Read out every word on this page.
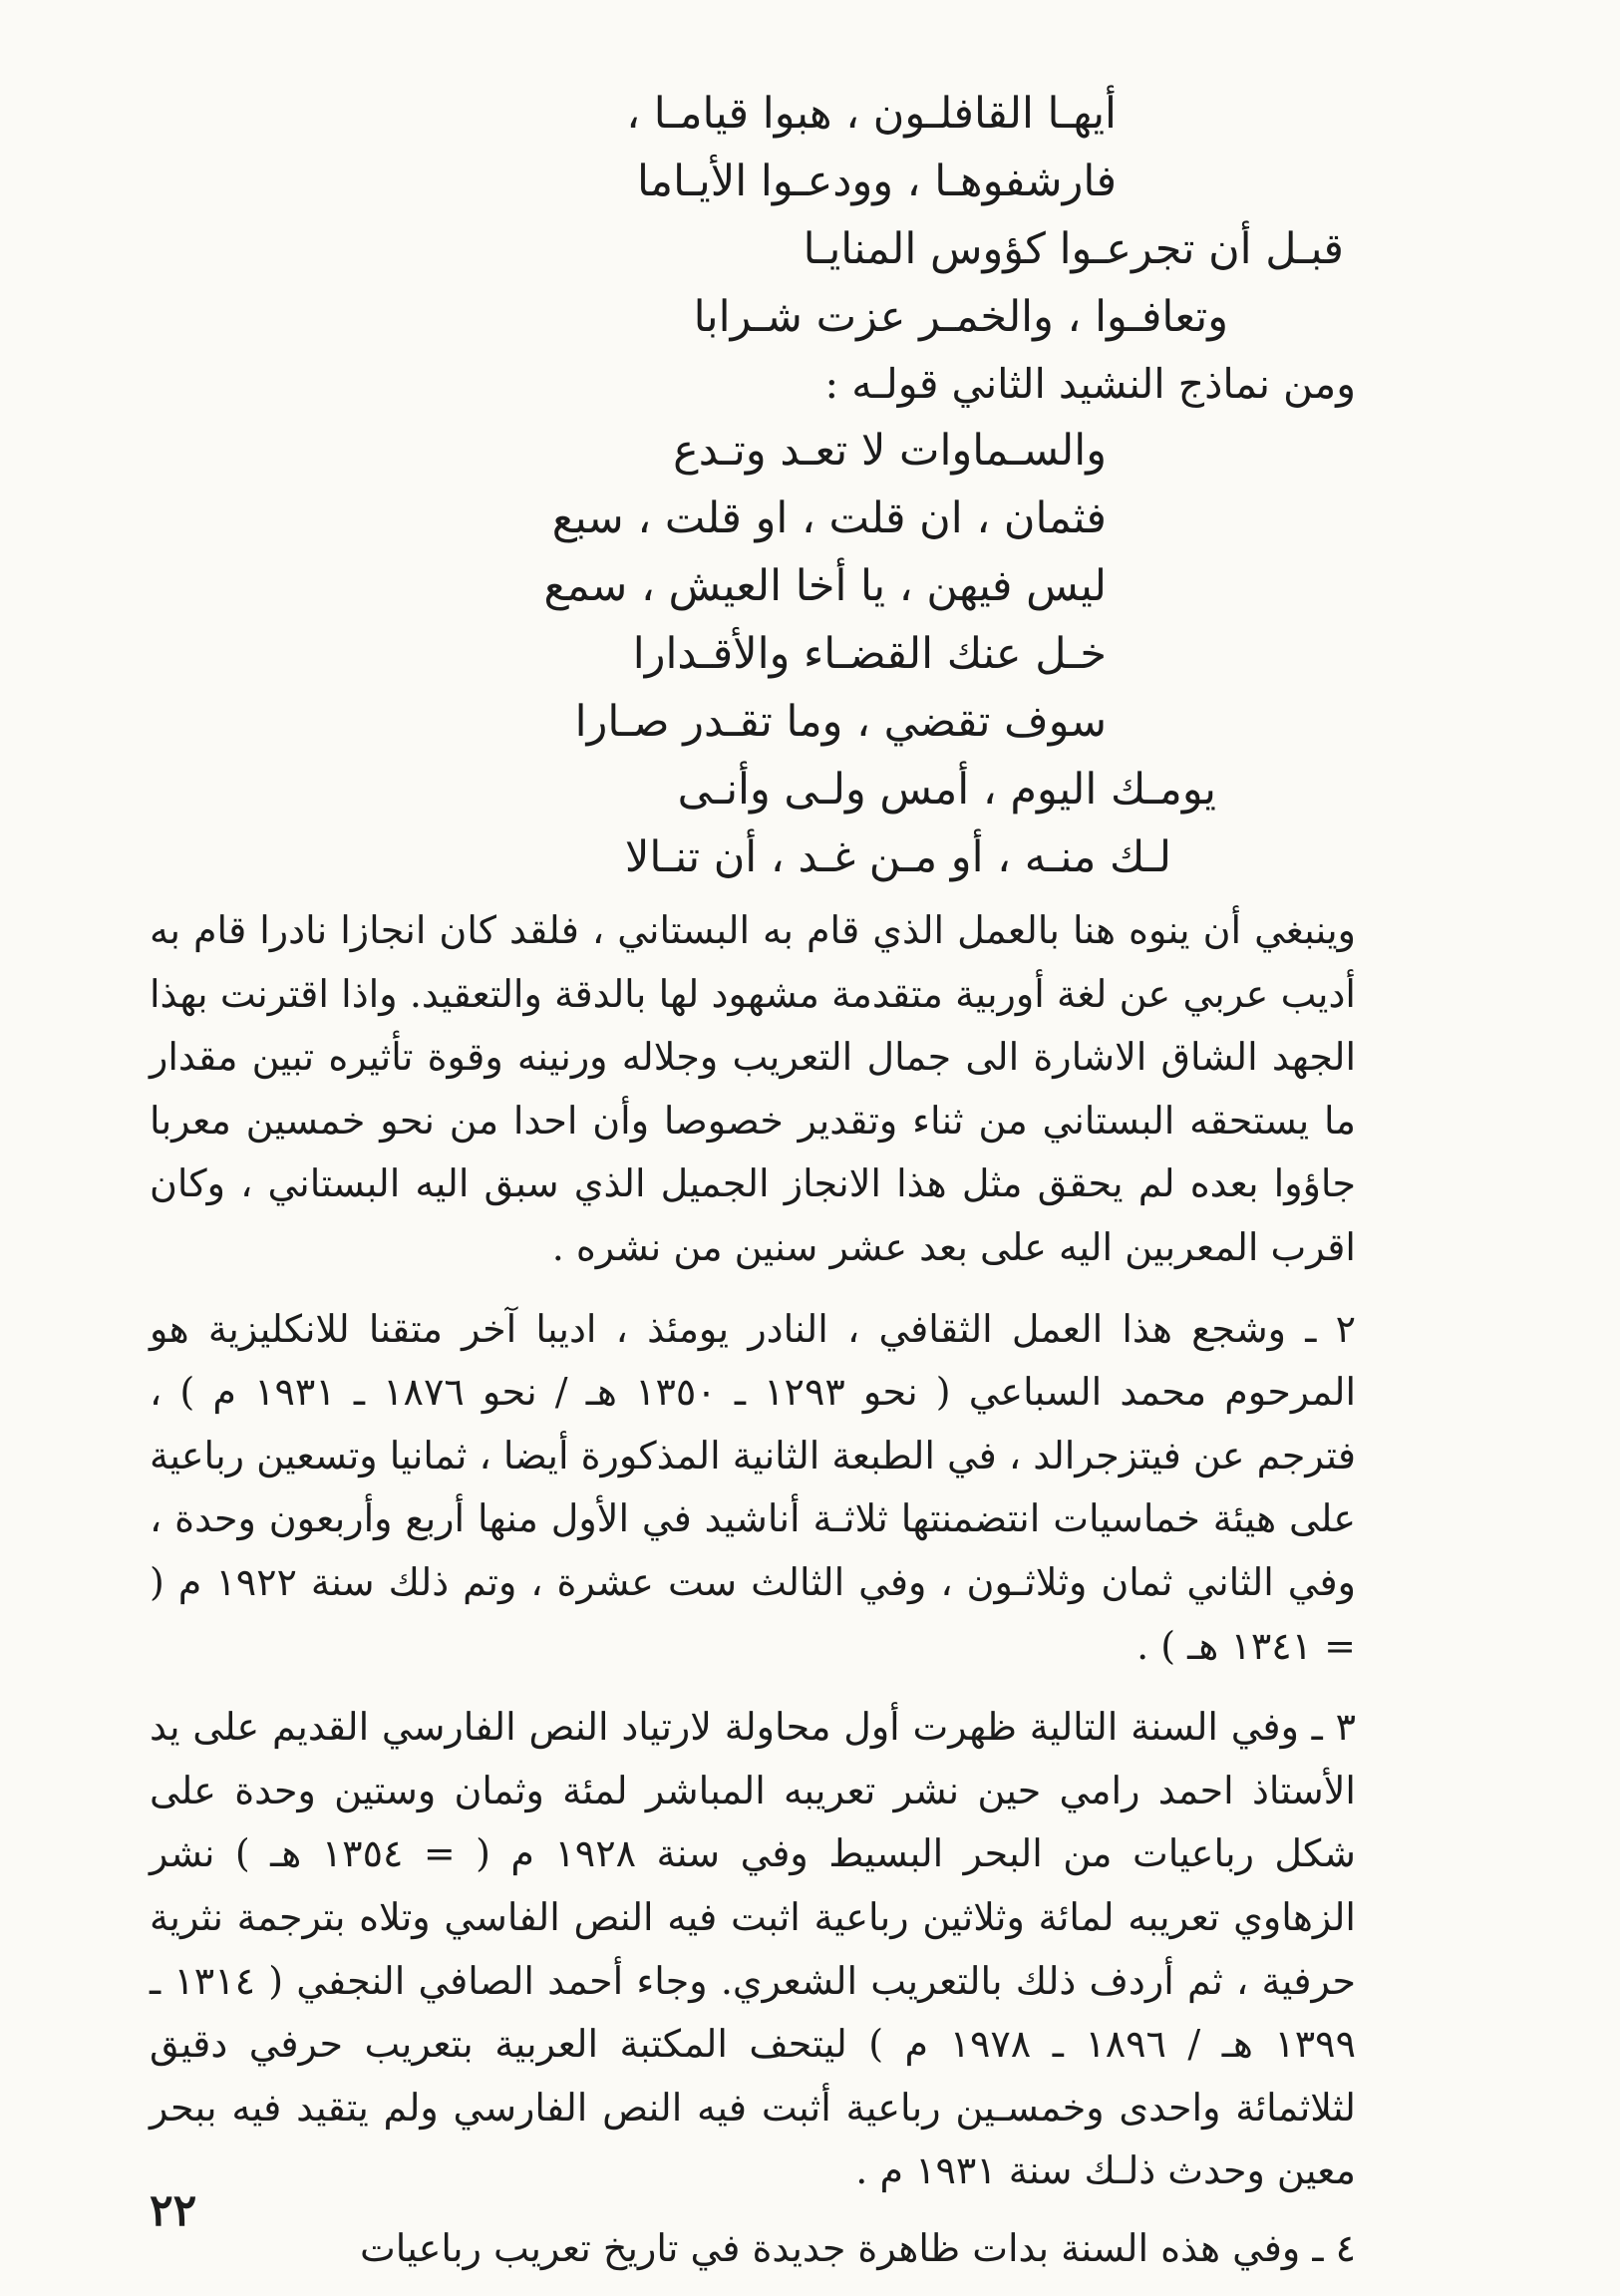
أيهـا القافلـون ، هبوا قيامـا ،
فارشفوهـا ، وودعـوا الأيـاما
قبـل أن تجرعـوا كؤوس المنايـا
وتعافـوا ، والخمـر عزت شـرابا
ومن نماذج النشيد الثاني قولـه :
والسـماوات لا تعـد وتـدع
فثمان ، ان قلت ، او قلت ، سبع
ليس فيهن ، يا أخا العيش ، سمع
خـل عنك القضـاء والأقـدارا
سوف تقضي ، وما تقـدر صـارا
يومـك اليوم ، أمس ولـى وأنـى
لـك منـه ، أو مـن غـد ، أن تنـالا

وينبغي أن ينوه هنا بالعمل الذي قام به البستاني ، فلقد كان انجازا نادرا قام به أديب عربي عن لغة أوربية متقدمة مشهود لها بالدقة والتعقيد. واذا اقترنت بهذا الجهد الشاق الاشارة الى جمال التعريب وجلاله ورنينه وقوة تأثيره تبين مقدار ما يستحقه البستاني من ثناء وتقدير خصوصا وأن احدا من نحو خمسين معربا جاؤوا بعده لم يحقق مثل هذا الانجاز الجميل الذي سبق اليه البستاني ، وكان اقرب المعربين اليه على بعد عشر سنين من نشره .

٢ ـ وشجع هذا العمل الثقافي ، النادر يومئذ ، اديبا آخر متقنا للانكليزية هو المرحوم محمد السباعي ( نحو ١٢٩٣ ـ ١٣٥٠ هـ / نحو ١٨٧٦ ـ ١٩٣١ م ) ، فترجم عن فيتزجرالد ، في الطبعة الثانية المذكورة أيضا ، ثمانيا وتسعين رباعية على هيئة خماسيات انتضمنتها ثلاثـة أناشيد في الأول منها أربع وأربعون وحدة ، وفي الثاني ثمان وثلاثـون ، وفي الثالث ست عشرة ، وتم ذلك سنة ١٩٢٢ م ( = ١٣٤١ هـ ) .

٣ ـ وفي السنة التالية ظهرت أول محاولة لارتياد النص الفارسي القديم على يد الأستاذ احمد رامي حين نشر تعريبه المباشر لمئة وثمان وستين وحدة على شكل رباعيات من البحر البسيط وفي سنة ١٩٢٨ م ( = ١٣٥٤ هـ ) نشر الزهاوي تعريبه لمائة وثلاثين رباعية اثبت فيه النص الفاسي وتلاه بترجمة نثرية حرفية ، ثم أردف ذلك بالتعريب الشعري. وجاء أحمد الصافي النجفي ( ١٣١٤ ـ ١٣٩٩ هـ / ١٨٩٦ ـ ١٩٧٨ م ) ليتحف المكتبة العربية بتعريب حرفي دقيق لثلاثمائة واحدى وخمسـين رباعية أثبت فيه النص الفارسي ولم يتقيد فيه ببحر معين وحدث ذلـك سنة ١٩٣١ م .

٤ ـ وفي هذه السنة بدات ظاهرة جديدة في تاريخ تعريب رباعيات

٢٢
